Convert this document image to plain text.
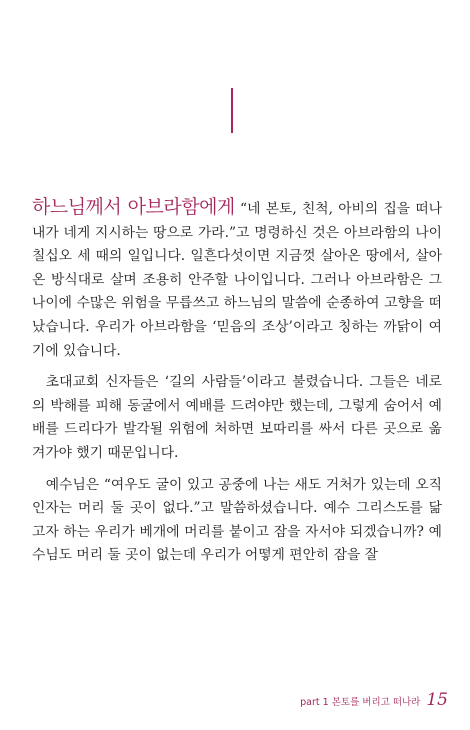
하느님께서 아브라함에게 “네 본토, 친척, 아비의 집을 떠나 내가 네게 지시하는 땅으로 가라.”고 명령하신 것은 아브라함의 나이 칠십오 세 때의 일입니다. 일흔다섯이면 지금껏 살아온 땅에서, 살아온 방식대로 살며 조용히 안주할 나이입니다. 그러나 아브라함은 그 나이에 수많은 위험을 무릅쓰고 하느님의 말씀에 순종하여 고향을 떠났습니다. 우리가 아브라함을 ‘믿음의 조상’이라고 칭하는 까닭이 여기에 있습니다.

초대교회 신자들은 ‘길의 사람들’이라고 불렸습니다. 그들은 네로의 박해를 피해 동굴에서 예배를 드려야만 했는데, 그렇게 숨어서 예배를 드리다가 발각될 위험에 처하면 보따리를 싸서 다른 곳으로 옮겨가야 했기 때문입니다.

예수님은 “여우도 굴이 있고 공중에 나는 새도 거처가 있는데 오직 인자는 머리 둘 곳이 없다.”고 말씀하셨습니다. 예수 그리스도를 닮고자 하는 우리가 베개에 머리를 붙이고 잠을 자서야 되겠습니까? 예수님도 머리 둘 곳이 없는데 우리가 어떻게 편안히 잠을 잘

part 1 본토를 버리고 떠나라 15
